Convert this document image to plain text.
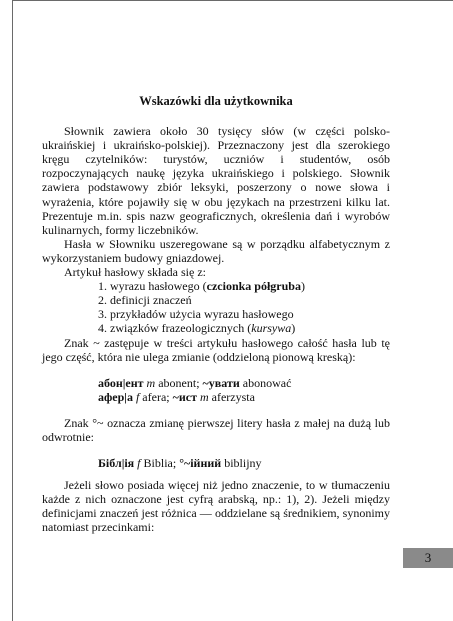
Wskazówki dla użytkownika

Słownik zawiera około 30 tysięcy słów (w części polsko-ukraińskiej i ukraińsko-polskiej). Przeznaczony jest dla szerokiego kręgu czytelników: turystów, uczniów i studentów, osób rozpoczynających naukę języka ukraińskiego i polskiego. Słownik zawiera podstawowy zbiór leksyki, poszerzony o nowe słowa i wyrażenia, które pojawiły się w obu językach na przestrzeni kilku lat. Prezentuje m.in. spis nazw geograficznych, określenia dań i wyrobów kulinarnych, formy liczebników.

Hasła w Słowniku uszeregowane są w porządku alfabetycznym z wykorzystaniem budowy gniazdowej.

Artykuł hasłowy składa się z:

1. wyrazu hasłowego (czcionka półgruba)

2. definicji znaczeń

3. przykładów użycia wyrazu hasłowego

4. związków frazeologicznych (kursywa)

Znak ~ zastępuje w treści artykułu hasłowego całość hasła lub tę jego część, która nie ulega zmianie (oddzieloną pionową kreską):

абон|ент m abonent; ~увати abonować

афер|а f afera; ~ист m aferzysta

Znak °~ oznacza zmianę pierwszej litery hasła z małej na dużą lub odwrotnie:

Бібл|ія f Biblia; °~ійний biblijny

Jeżeli słowo posiada więcej niż jedno znaczenie, to w tłumaczeniu każde z nich oznaczone jest cyfrą arabską, np.: 1), 2). Jeżeli między definicjami znaczeń jest różnica — oddzielane są średnikiem, synonimy natomiast przecinkami:

3
